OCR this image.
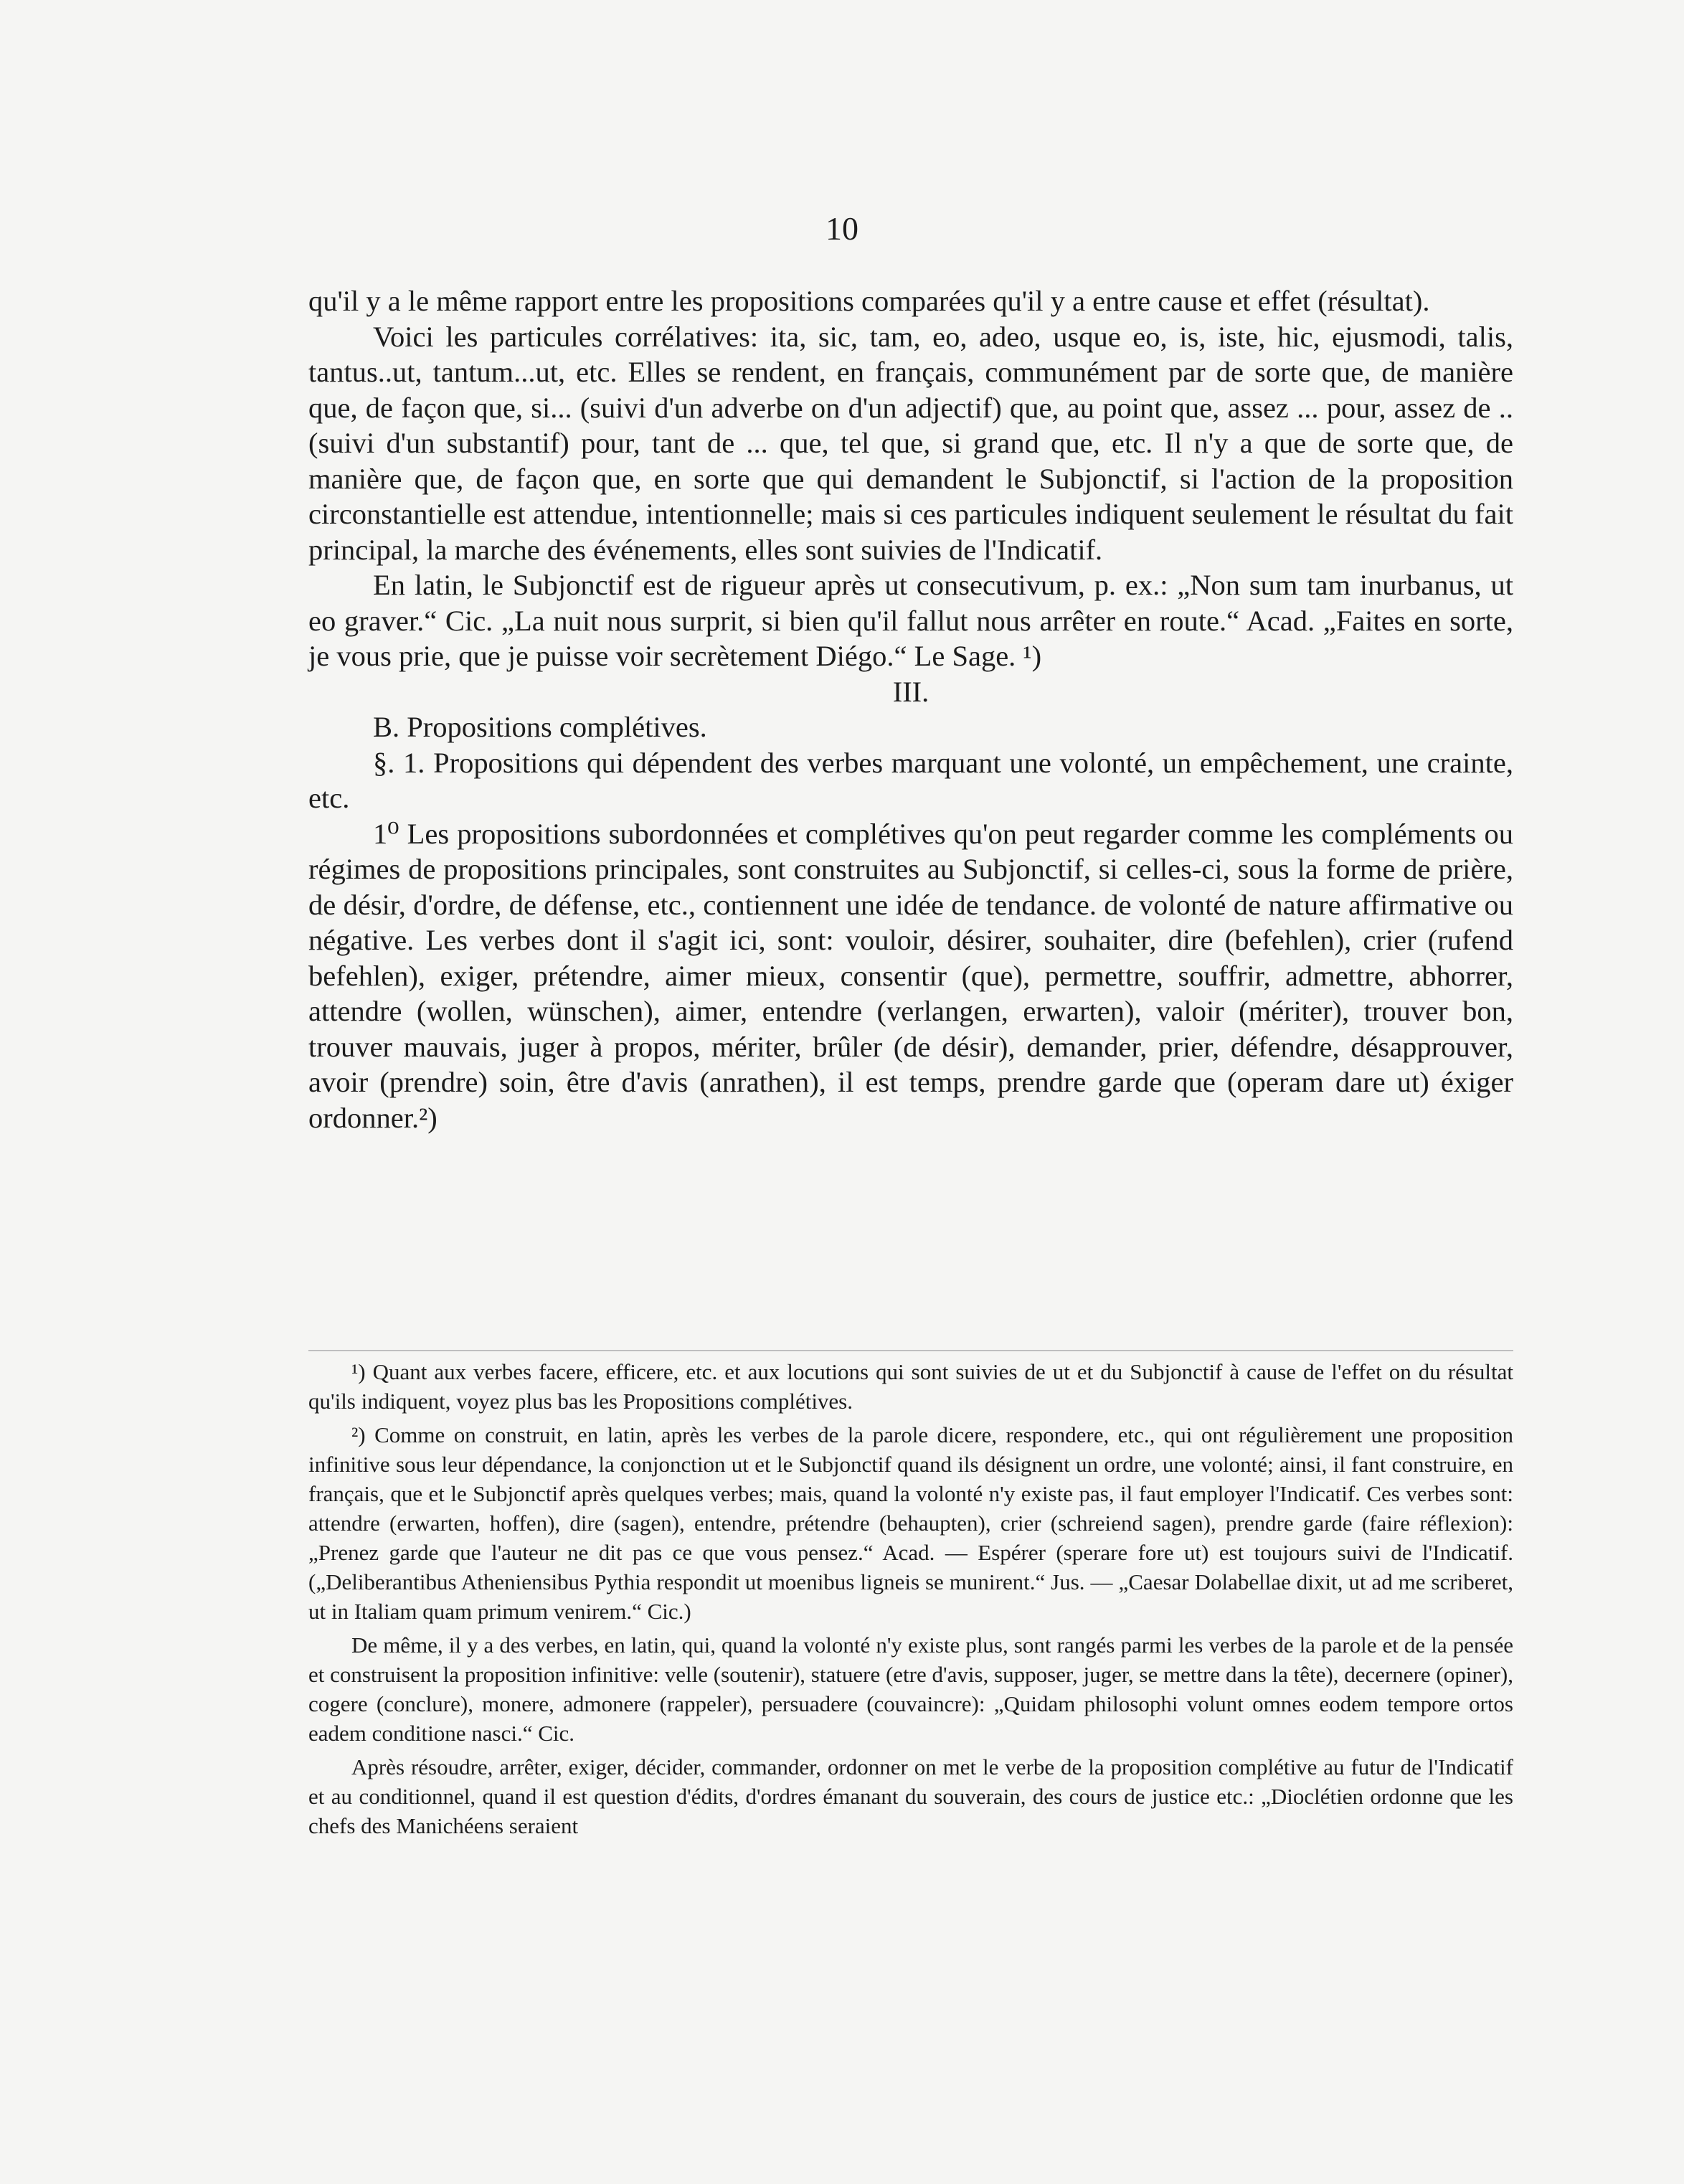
10

qu'il y a le même rapport entre les propositions comparées qu'il y a entre cause et effet (résultat).

Voici les particules corrélatives: ita, sic, tam, eo, adeo, usque eo, is, iste, hic, ejusmodi, talis, tantus..ut, tantum...ut, etc. Elles se rendent, en français, communément par de sorte que, de manière que, de façon que, si... (suivi d'un adverbe on d'un adjectif) que, au point que, assez ... pour, assez de .. (suivi d'un substantif) pour, tant de ... que, tel que, si grand que, etc. Il n'y a que de sorte que, de manière que, de façon que, en sorte que qui demandent le Subjonctif, si l'action de la proposition circonstantielle est attendue, intentionnelle; mais si ces particules indiquent seulement le résultat du fait principal, la marche des événements, elles sont suivies de l'Indicatif.

En latin, le Subjonctif est de rigueur après ut consecutivum, p. ex.: „Non sum tam inurbanus, ut eo graver.“ Cic. „La nuit nous surprit, si bien qu'il fallut nous arrêter en route.“ Acad. „Faites en sorte, je vous prie, que je puisse voir secrètement Diégo.“ Le Sage. ¹)

III.

B. Propositions complétives.

§. 1. Propositions qui dépendent des verbes marquant une volonté, un empêchement, une crainte, etc.

1⁰ Les propositions subordonnées et complétives qu'on peut regarder comme les compléments ou régimes de propositions principales, sont construites au Subjonctif, si celles-ci, sous la forme de prière, de désir, d'ordre, de défense, etc., contiennent une idée de tendance. de volonté de nature affirmative ou négative. Les verbes dont il s'agit ici, sont: vouloir, désirer, souhaiter, dire (befehlen), crier (rufend befehlen), exiger, prétendre, aimer mieux, consentir (que), permettre, souffrir, admettre, abhorrer, attendre (wollen, wünschen), aimer, entendre (verlangen, erwarten), valoir (mériter), trouver bon, trouver mauvais, juger à propos, mériter, brûler (de désir), demander, prier, défendre, désapprouver, avoir (prendre) soin, être d'avis (anrathen), il est temps, prendre garde que (operam dare ut) éxiger ordonner.²)

¹) Quant aux verbes facere, efficere, etc. et aux locutions qui sont suivies de ut et du Subjonctif à cause de l'effet on du résultat qu'ils indiquent, voyez plus bas les Propositions complétives.

²) Comme on construit, en latin, après les verbes de la parole dicere, respondere, etc., qui ont régulièrement une proposition infinitive sous leur dépendance, la conjonction ut et le Subjonctif quand ils désignent un ordre, une volonté; ainsi, il fant construire, en français, que et le Subjonctif après quelques verbes; mais, quand la volonté n'y existe pas, il faut employer l'Indicatif. Ces verbes sont: attendre (erwarten, hoffen), dire (sagen), entendre, prétendre (behaupten), crier (schreiend sagen), prendre garde (faire réflexion): „Prenez garde que l'auteur ne dit pas ce que vous pensez.“ Acad. — Espérer (sperare fore ut) est toujours suivi de l'Indicatif. („Deliberantibus Atheniensibus Pythia respondit ut moenibus ligneis se munirent.“ Jus. — „Caesar Dolabellae dixit, ut ad me scriberet, ut in Italiam quam primum venirem.“ Cic.)

De même, il y a des verbes, en latin, qui, quand la volonté n'y existe plus, sont rangés parmi les verbes de la parole et de la pensée et construisent la proposition infinitive: velle (soutenir), statuere (etre d'avis, supposer, juger, se mettre dans la tête), decernere (opiner), cogere (conclure), monere, admonere (rappeler), persuadere (couvaincre): „Quidam philosophi volunt omnes eodem tempore ortos eadem conditione nasci.“ Cic.

Après résoudre, arrêter, exiger, décider, commander, ordonner on met le verbe de la proposition complétive au futur de l'Indicatif et au conditionnel, quand il est question d'édits, d'ordres émanant du souverain, des cours de justice etc.: „Dioclétien ordonne que les chefs des Manichéens seraient
